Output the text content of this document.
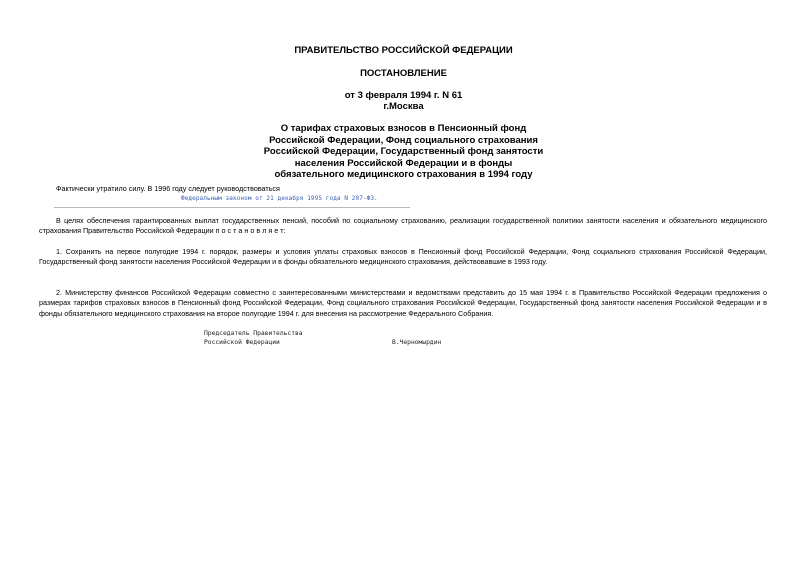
ПРАВИТЕЛЬСТВО РОССИЙСКОЙ ФЕДЕРАЦИИ
ПОСТАНОВЛЕНИЕ
от 3 февраля 1994 г. N 61
г.Москва
О тарифах страховых взносов в Пенсионный фонд
Российской Федерации, Фонд социального страхования
Российской Федерации, Государственный фонд занятости
населения Российской Федерации и в фонды
обязательного медицинского страхования в 1994 году
Фактически утратило силу. В 1996 году следует руководствоваться
Федеральным законом от 21 декабря 1995 года N 207-ФЗ.
В целях обеспечения гарантированных выплат государственных пенсий, пособий по социальному страхованию, реализации государственной политики занятости населения и обязательного медицинского страхования Правительство Российской Федерации п о с т а н о в л я е т:
1. Сохранить на первое полугодие 1994 г. порядок, размеры и условия уплаты страховых взносов в Пенсионный фонд Российской Федерации, Фонд социального страхования Российской Федерации, Государственный фонд занятости населения Российской Федерации и в фонды обязательного медицинского страхования, действовавшие в 1993 году.
2. Министерству финансов Российской Федерации совместно с заинтересованными министерствами и ведомствами представить до 15 мая 1994 г. в Правительство Российской Федерации предложения о размерах тарифов страховых взносов в Пенсионный фонд Российской Федерации, Фонд социального страхования Российской Федерации, Государственный фонд занятости населения Российской Федерации и в фонды обязательного медицинского страхования на второе полугодие 1994 г. для внесения на рассмотрение Федерального Собрания.
Председатель Правительства
Российской Федерации	В.Черномырдин
